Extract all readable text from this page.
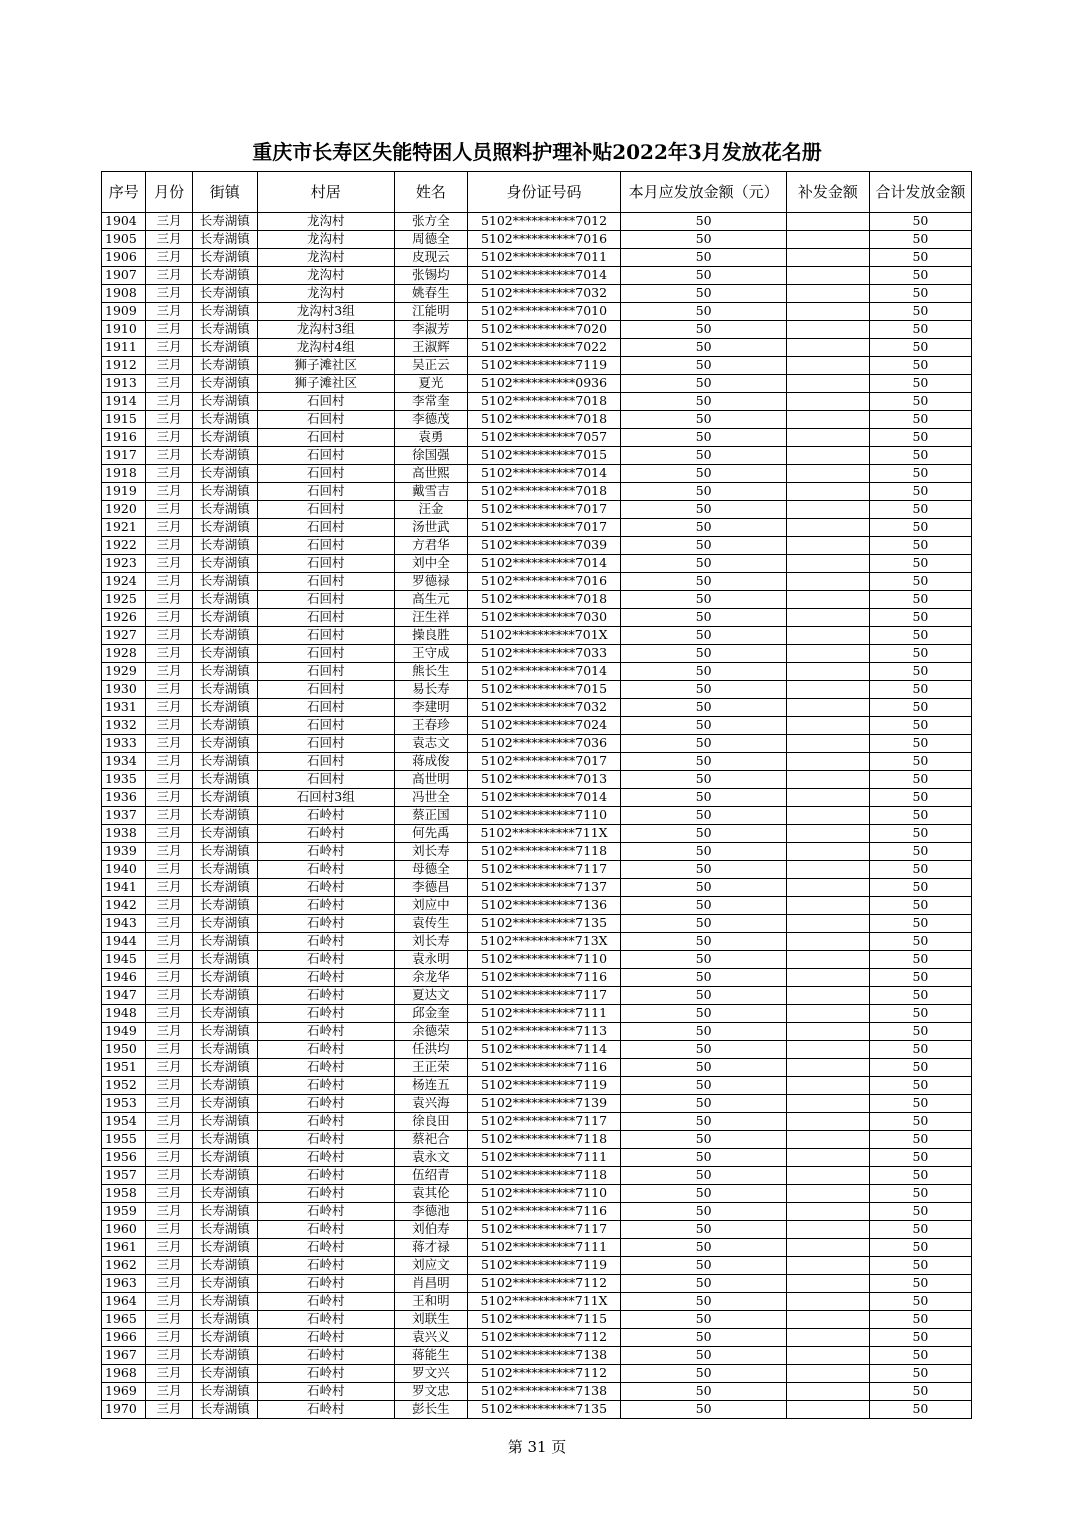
重庆市长寿区失能特困人员照料护理补贴2022年3月发放花名册
序号	月份	街镇	村居	姓名	身份证号码	本月应发放金额（元）	补发金额	合计发放金额
1904	三月	长寿湖镇	龙沟村	张方全	5102**********7012	50		50
1905	三月	长寿湖镇	龙沟村	周德全	5102**********7016	50		50
1906	三月	长寿湖镇	龙沟村	皮现云	5102**********7011	50		50
1907	三月	长寿湖镇	龙沟村	张锡均	5102**********7014	50		50
1908	三月	长寿湖镇	龙沟村	姚春生	5102**********7032	50		50
1909	三月	长寿湖镇	龙沟村3组	江能明	5102**********7010	50		50
1910	三月	长寿湖镇	龙沟村3组	李淑芳	5102**********7020	50		50
1911	三月	长寿湖镇	龙沟村4组	王淑辉	5102**********7022	50		50
1912	三月	长寿湖镇	狮子滩社区	吴正云	5102**********7119	50		50
1913	三月	长寿湖镇	狮子滩社区	夏光	5102**********0936	50		50
1914	三月	长寿湖镇	石回村	李常奎	5102**********7018	50		50
1915	三月	长寿湖镇	石回村	李德茂	5102**********7018	50		50
1916	三月	长寿湖镇	石回村	袁勇	5102**********7057	50		50
1917	三月	长寿湖镇	石回村	徐国强	5102**********7015	50		50
1918	三月	长寿湖镇	石回村	高世熙	5102**********7014	50		50
1919	三月	长寿湖镇	石回村	戴雪吉	5102**********7018	50		50
1920	三月	长寿湖镇	石回村	汪金	5102**********7017	50		50
1921	三月	长寿湖镇	石回村	汤世武	5102**********7017	50		50
1922	三月	长寿湖镇	石回村	方君华	5102**********7039	50		50
1923	三月	长寿湖镇	石回村	刘中全	5102**********7014	50		50
1924	三月	长寿湖镇	石回村	罗德禄	5102**********7016	50		50
1925	三月	长寿湖镇	石回村	高生元	5102**********7018	50		50
1926	三月	长寿湖镇	石回村	汪生祥	5102**********7030	50		50
1927	三月	长寿湖镇	石回村	操良胜	5102**********701X	50		50
1928	三月	长寿湖镇	石回村	王守成	5102**********7033	50		50
1929	三月	长寿湖镇	石回村	熊长生	5102**********7014	50		50
1930	三月	长寿湖镇	石回村	易长寿	5102**********7015	50		50
1931	三月	长寿湖镇	石回村	李建明	5102**********7032	50		50
1932	三月	长寿湖镇	石回村	王春珍	5102**********7024	50		50
1933	三月	长寿湖镇	石回村	袁志文	5102**********7036	50		50
1934	三月	长寿湖镇	石回村	蒋成俊	5102**********7017	50		50
1935	三月	长寿湖镇	石回村	高世明	5102**********7013	50		50
1936	三月	长寿湖镇	石回村3组	冯世全	5102**********7014	50		50
1937	三月	长寿湖镇	石岭村	蔡正国	5102**********7110	50		50
1938	三月	长寿湖镇	石岭村	何先禹	5102**********711X	50		50
1939	三月	长寿湖镇	石岭村	刘长寿	5102**********7118	50		50
1940	三月	长寿湖镇	石岭村	母德全	5102**********7117	50		50
1941	三月	长寿湖镇	石岭村	李德昌	5102**********7137	50		50
1942	三月	长寿湖镇	石岭村	刘应中	5102**********7136	50		50
1943	三月	长寿湖镇	石岭村	袁传生	5102**********7135	50		50
1944	三月	长寿湖镇	石岭村	刘长寿	5102**********713X	50		50
1945	三月	长寿湖镇	石岭村	袁永明	5102**********7110	50		50
1946	三月	长寿湖镇	石岭村	余龙华	5102**********7116	50		50
1947	三月	长寿湖镇	石岭村	夏达文	5102**********7117	50		50
1948	三月	长寿湖镇	石岭村	邱金奎	5102**********7111	50		50
1949	三月	长寿湖镇	石岭村	余德荣	5102**********7113	50		50
1950	三月	长寿湖镇	石岭村	任洪均	5102**********7114	50		50
1951	三月	长寿湖镇	石岭村	王正荣	5102**********7116	50		50
1952	三月	长寿湖镇	石岭村	杨连五	5102**********7119	50		50
1953	三月	长寿湖镇	石岭村	袁兴海	5102**********7139	50		50
1954	三月	长寿湖镇	石岭村	徐良田	5102**********7117	50		50
1955	三月	长寿湖镇	石岭村	蔡祀合	5102**********7118	50		50
1956	三月	长寿湖镇	石岭村	袁永文	5102**********7111	50		50
1957	三月	长寿湖镇	石岭村	伍绍青	5102**********7118	50		50
1958	三月	长寿湖镇	石岭村	袁其伦	5102**********7110	50		50
1959	三月	长寿湖镇	石岭村	李德池	5102**********7116	50		50
1960	三月	长寿湖镇	石岭村	刘伯寿	5102**********7117	50		50
1961	三月	长寿湖镇	石岭村	蒋才禄	5102**********7111	50		50
1962	三月	长寿湖镇	石岭村	刘应文	5102**********7119	50		50
1963	三月	长寿湖镇	石岭村	肖昌明	5102**********7112	50		50
1964	三月	长寿湖镇	石岭村	王和明	5102**********711X	50		50
1965	三月	长寿湖镇	石岭村	刘联生	5102**********7115	50		50
1966	三月	长寿湖镇	石岭村	袁兴义	5102**********7112	50		50
1967	三月	长寿湖镇	石岭村	蒋能生	5102**********7138	50		50
1968	三月	长寿湖镇	石岭村	罗文兴	5102**********7112	50		50
1969	三月	长寿湖镇	石岭村	罗文忠	5102**********7138	50		50
1970	三月	长寿湖镇	石岭村	彭长生	5102**********7135	50		50
第 31 页
